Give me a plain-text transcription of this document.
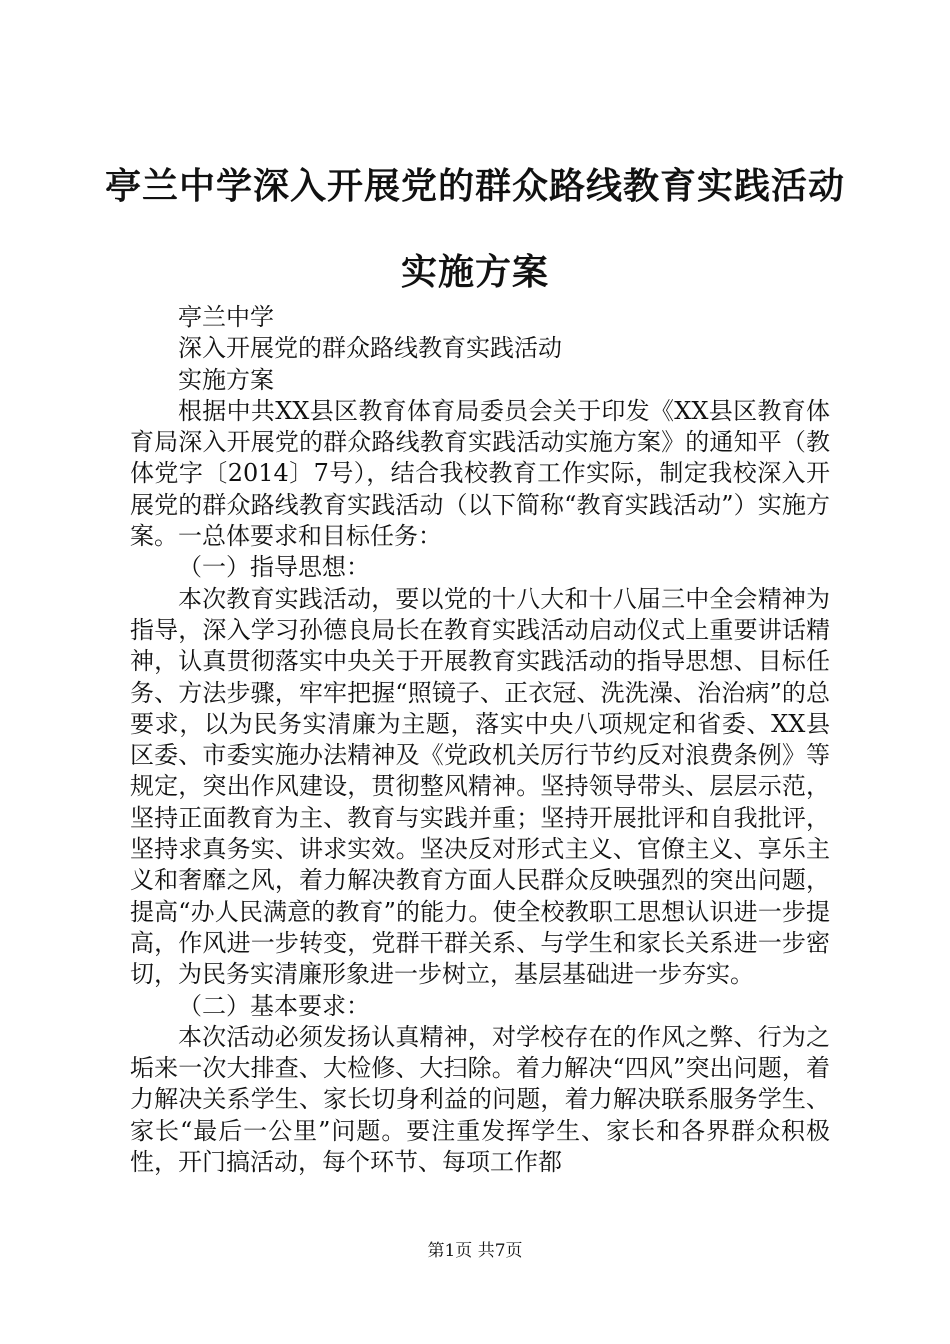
亭兰中学深入开展党的群众路线教育实践活动
实施方案

亭兰中学

深入开展党的群众路线教育实践活动

实施方案

根据中共XX县区教育体育局委员会关于印发《XX县区教育体育局深入开展党的群众路线教育实践活动实施方案》的通知平（教体党字〔2014〕7号），结合我校教育工作实际，制定我校深入开展党的群众路线教育实践活动（以下简称“教育实践活动”）实施方案。一总体要求和目标任务：

（一）指导思想：

本次教育实践活动，要以党的十八大和十八届三中全会精神为指导，深入学习孙德良局长在教育实践活动启动仪式上重要讲话精神，认真贯彻落实中央关于开展教育实践活动的指导思想、目标任务、方法步骤，牢牢把握“照镜子、正衣冠、洗洗澡、治治病”的总要求，以为民务实清廉为主题，落实中央八项规定和省委、XX县区委、市委实施办法精神及《党政机关厉行节约反对浪费条例》等规定，突出作风建设，贯彻整风精神。坚持领导带头、层层示范，坚持正面教育为主、教育与实践并重；坚持开展批评和自我批评，坚持求真务实、讲求实效。坚决反对形式主义、官僚主义、享乐主义和奢靡之风，着力解决教育方面人民群众反映强烈的突出问题，提高“办人民满意的教育”的能力。使全校教职工思想认识进一步提高，作风进一步转变，党群干群关系、与学生和家长关系进一步密切，为民务实清廉形象进一步树立，基层基础进一步夯实。

（二）基本要求：

本次活动必须发扬认真精神，对学校存在的作风之弊、行为之垢来一次大排查、大检修、大扫除。着力解决“四风”突出问题，着力解决关系学生、家长切身利益的问题，着力解决联系服务学生、家长“最后一公里”问题。要注重发挥学生、家长和各界群众积极性，开门搞活动，每个环节、每项工作都

第1页 共7页
